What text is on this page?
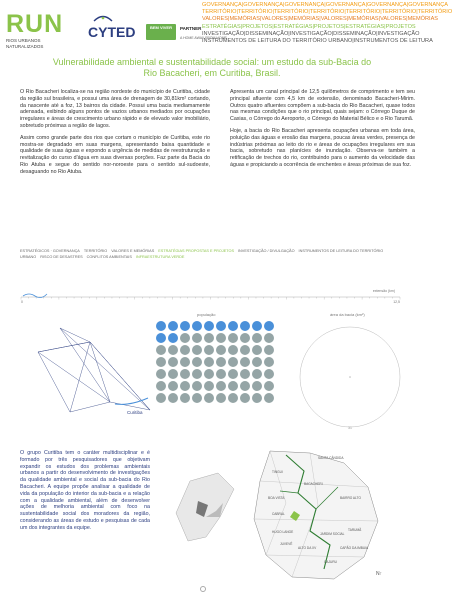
RUN
RIOS URBANOS NATURALIZADOS
CYTED	BEM VIVER	PARTNER
A HOME AWAY FROM HOME
GOVERNANÇA|GOVERNANÇA|GOVERNANÇA|GOVERNANÇA|GOVERNANÇA|GOVERNANÇA
TERRITÓRIO|TERRITÓRIO|TERRITÓRIO|TERRITÓRIO|TERRITÓRIO|TERRITÓRIO|TERRITÓRIO
VALORES|MEMÓRIAS|VALORES|MEMÓRIAS|VALORES|MEMÓRIAS|VALORES|MEMÓRIAS
ESTRATÉGIAS|PROJETOS|ESTRATÉGIAS|PROJETOS|ESTRATÉGIAS|PROJETOS
INVESTIGAÇÃO|DISSEMINAÇÃO|INVESTIGAÇÃO|DISSEMINAÇÃO|INVESTIGAÇÃO
INSTRUMENTOS DE LEITURA DO TERRITÓRIO URBANO|INSTRUMENTOS DE LEITURA
Vulnerabilidade ambiental e sustentabilidade social: um estudo da sub-Bacia do
Rio Bacacheri, em Curitiba, Brasil.

O Rio Bacacheri localiza-se na região nordeste do município de Curitiba, cidade da região sul brasileira, e possui uma área de drenagem de 30,81km² cortando, da nascente até a foz, 13 bairros da cidade. Possui uma bacia mediamamente adensada, exibindo alguns pontos de vazios urbanos mediados por ocupações irregulares e áreas de crescimento urbano rápido e de elevado valor imobiliário, sobretudo próximas a região de lagos.

Assim como grande parte dos rios que cortam o município de Curitiba, este rio mostra-se degradado em suas margens, apresentando baixa quantidade e qualidade de suas águas e expondo a urgência de medidas de reestruturação e revitalização do curso d'água em suas diversas porções. Faz parte da Bacia do Rio Atuba e segue do sentido nor-noroeste para o sentido sul-sudoeste, desaguando no Rio Atuba.

Apresenta um canal principal de 12,5 quilômetros de comprimento e tem seu principal afluente com 4,5 km de extensão, denominado Bacacheri-Mirim. Outros quatro afluentes compõem a sub-bacia do Rio Bacacheri, quase todos nas mesmas condições que o rio principal, quais sejam: o Córrego Duque de Caxias, o Córrego do Aeroporto, o Córrego do Material Bélico e o Rio Tarumã.

Hoje, a bacia do Rio Bacacheri apresenta ocupações urbanas em toda área, poluição das águas e erosão das margens, poucas áreas verdes, presença de indústrias próximas ao leito do rio e áreas de ocupações irregulares em sua bacia, sobretudo nas planícies de inundação. Observa-se também a retificação de trechos do rio, contribuindo para o aumento da velocidade das águas e propiciando a ocorrência de enchentes e áreas próximas de sua foz.

ESTRATÉGICOS · GOVERNANÇA TERRITÓRIO VALORES E MEMÓRIAS ESTRATÉGIAS PROPOSTAS E PROJETOS INVESTIGAÇÃO / DIVULGAÇÃO INSTRUMENTOS DE LEITURA DO TERRITÓRIO
URBANO RISCO DE DESASTRES CONFLITOS AMBIENTAIS INFRAESTRUTURA VERDE
extensão (km)
0	12,5
Curitiba
população	área da bacia (km²)
31

O grupo Curitiba tem o caráter multidisciplinar e é formado por três pesquisadores que objetivam expandir os estudos dos problemas ambientais urbanos a partir do desenvolvimento de investigações da qualidade ambiental e social da sub-bacia do Rio Bacacheri. A equipe propõe analisar a qualidade de vida da população do interior da sub-bacia e a relação com a qualidade ambiental, além de desenvolver ações de melhoria ambiental com foco na sustentabilidade social dos moradores da região, considerando as áreas de estudo e pesquisas de cada um dos integrantes da equipe.

SANTA CÂNDIDA
TINGUI
BACACHERI
BOA VISTA	BAIRRO ALTO
TARUMÃ
CAPÃO DA IMBUIA
CAJURU
CABRAL
HUGO LANGE
JUVEVÊ
ALTO DA XV
JARDIM SOCIAL
N↑
